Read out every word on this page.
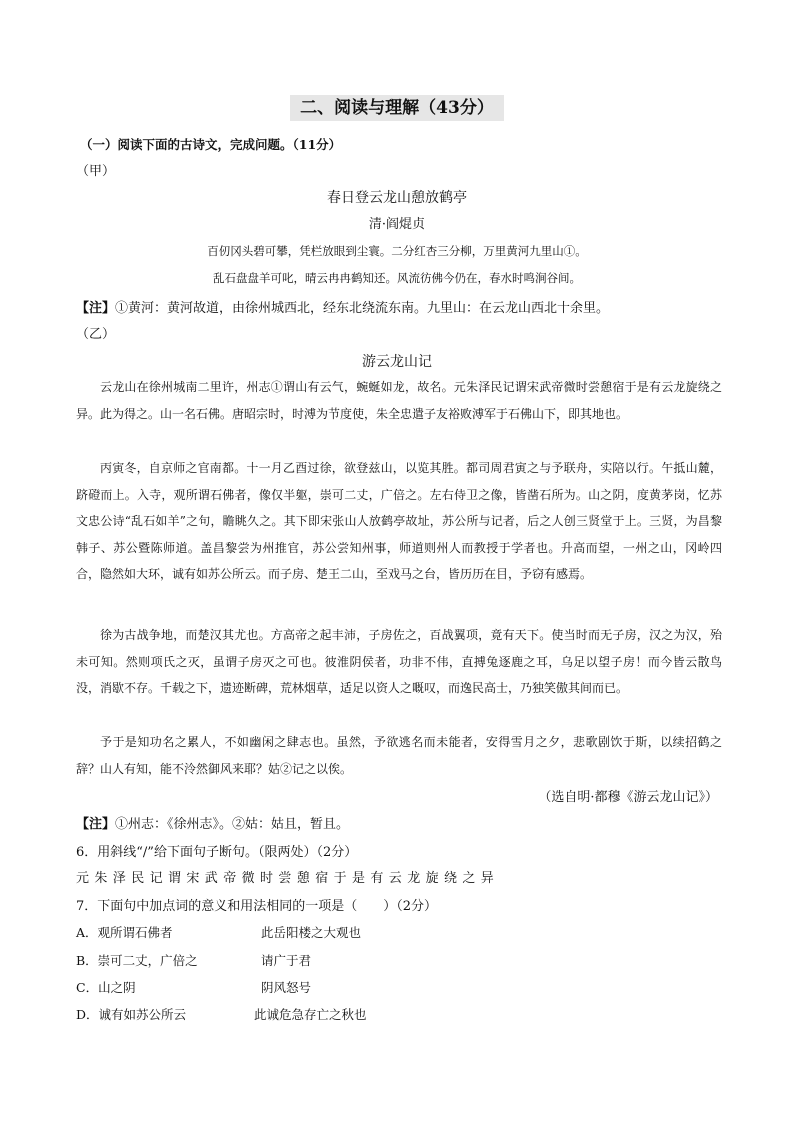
二、阅读与理解（43分）
（一）阅读下面的古诗文，完成问题。（11分）
（甲）
春日登云龙山憩放鹤亭
清·阎焜贞
百仞冈头碧可攀，凭栏放眼到尘寰。二分红杏三分柳，万里黄河九里山①。
乱石盘盘羊可叱，晴云冉冉鹤知还。风流彷佛今仍在，春水时鸣涧谷间。
【注】①黄河：黄河故道，由徐州城西北，经东北绕流东南。九里山：在云龙山西北十余里。
（乙）
游云龙山记
云龙山在徐州城南二里许，州志①谓山有云气，蜿蜒如龙，故名。元朱泽民记谓宋武帝微时尝憩宿于是有云龙旋绕之异。此为得之。山一名石佛。唐昭宗时，时溥为节度使，朱全忠遣子友裕败溥军于石佛山下，即其地也。
丙寅冬，自京师之官南都。十一月乙酉过徐，欲登兹山，以览其胜。都司周君寅之与予联舟，实陪以行。午抵山麓，跻磴而上。入寺，观所谓石佛者，像仅半躯，崇可二丈，广倍之。左右侍卫之像，皆凿石所为。山之阴，度黄茅岗，忆苏文忠公诗“乱石如羊”之句，瞻眺久之。其下即宋张山人放鹤亭故址，苏公所与记者，后之人创三贤堂于上。三贤，为昌黎韩子、苏公暨陈师道。盖昌黎尝为州推官，苏公尝知州事，师道则州人而教授于学者也。升高而望，一州之山，冈岭四合，隐然如大环，诚有如苏公所云。而子房、楚王二山，至戏马之台，皆历历在目，予窃有感焉。
徐为古战争地，而楚汉其尤也。方高帝之起丰沛，子房佐之，百战翼项，竟有天下。使当时而无子房，汉之为汉，殆未可知。然则项氏之灭，虽谓子房灭之可也。彼淮阴侯者，功非不伟，直搏兔逐鹿之耳，乌足以望子房！而今皆云散鸟没，消歇不存。千载之下，遗迹断碑，荒林烟草，适足以资人之嘅叹，而逸民高士，乃独笑傲其间而已。
予于是知功名之累人，不如幽闲之肆志也。虽然，予欲逃名而未能者，安得雪月之夕，悲歌剧饮于斯，以续招鹤之辞？山人有知，能不泠然御风来耶？姑②记之以俟。
（选自明·都穆《游云龙山记》）
【注】①州志：《徐州志》。②姑：姑且，暂且。
6．用斜线“/”给下面句子断句。（限两处）（2分）
元朱泽民记谓宋武帝微时尝憩宿于是有云龙旋绕之异
7．下面句中加点词的意义和用法相同的一项是（　　）（2分）
A．观所谓石佛者	此岳阳楼之大观也
B．崇可二丈，广倍之	请广于君
C．山之阴	阴风怒号
D．诚有如苏公所云	此诚危急存亡之秋也
